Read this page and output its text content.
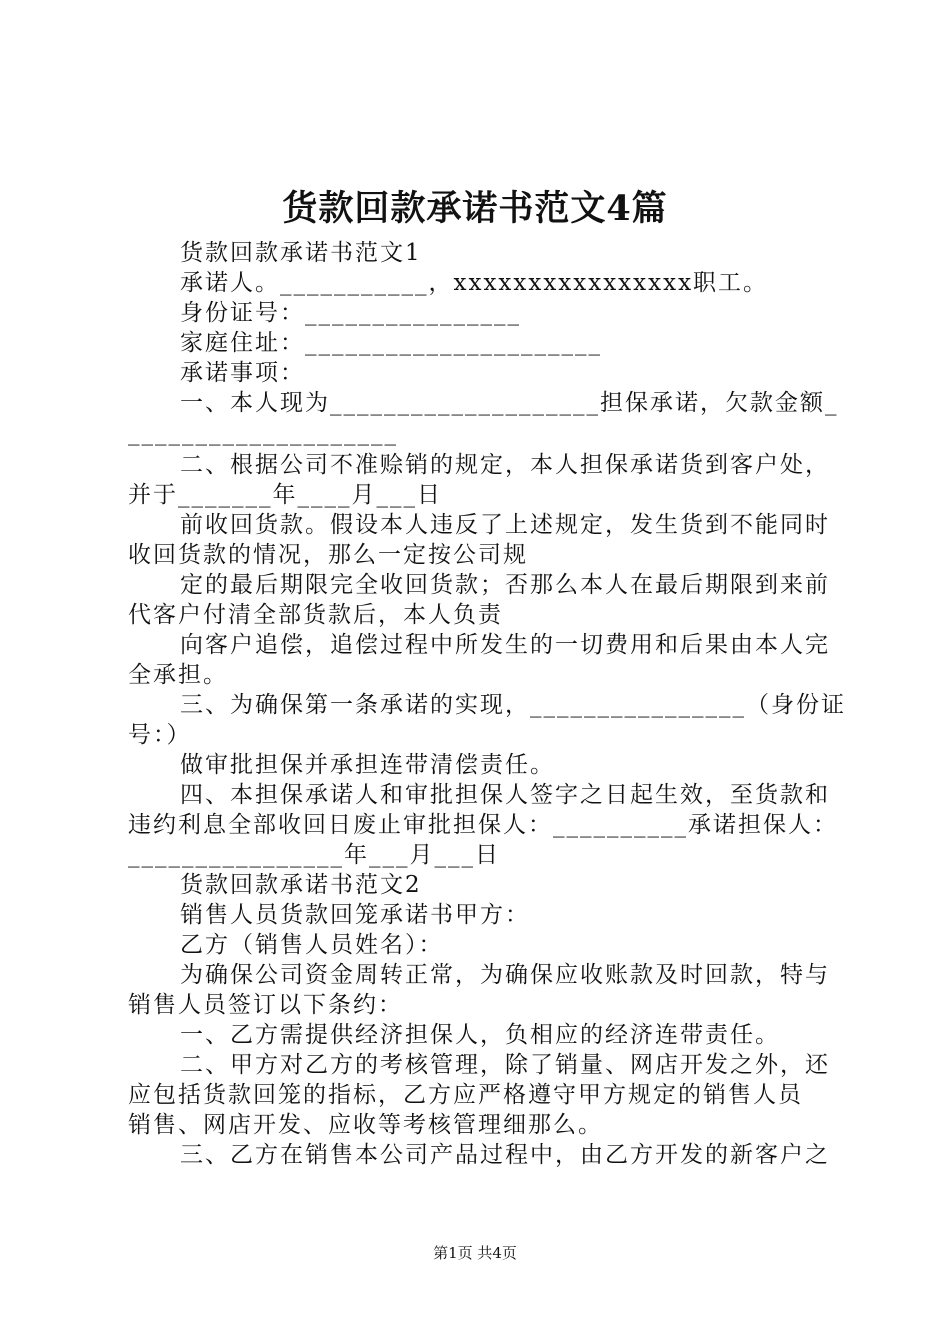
货款回款承诺书范文4篇
货款回款承诺书范文1
承诺人。___________，xxxxxxxxxxxxxxxx职工。
身份证号：________________
家庭住址：______________________
承诺事项：
一、本人现为____________________担保承诺，欠款金额_
____________________
二、根据公司不准赊销的规定，本人担保承诺货到客户处，
并于_______年____月___日
前收回货款。假设本人违反了上述规定，发生货到不能同时
收回货款的情况，那么一定按公司规
定的最后期限完全收回货款；否那么本人在最后期限到来前
代客户付清全部货款后，本人负责
向客户追偿，追偿过程中所发生的一切费用和后果由本人完
全承担。
三、为确保第一条承诺的实现，________________（身份证
号：）
做审批担保并承担连带清偿责任。
四、本担保承诺人和审批担保人签字之日起生效，至货款和
违约利息全部收回日废止审批担保人：__________承诺担保人：
________________年___月___日
货款回款承诺书范文2
销售人员货款回笼承诺书甲方：
乙方（销售人员姓名）：
为确保公司资金周转正常，为确保应收账款及时回款，特与
销售人员签订以下条约：
一、乙方需提供经济担保人，负相应的经济连带责任。
二、甲方对乙方的考核管理，除了销量、网店开发之外，还
应包括货款回笼的指标，乙方应严格遵守甲方规定的销售人员
销售、网店开发、应收等考核管理细那么。
三、乙方在销售本公司产品过程中，由乙方开发的新客户之
第1页 共4页
